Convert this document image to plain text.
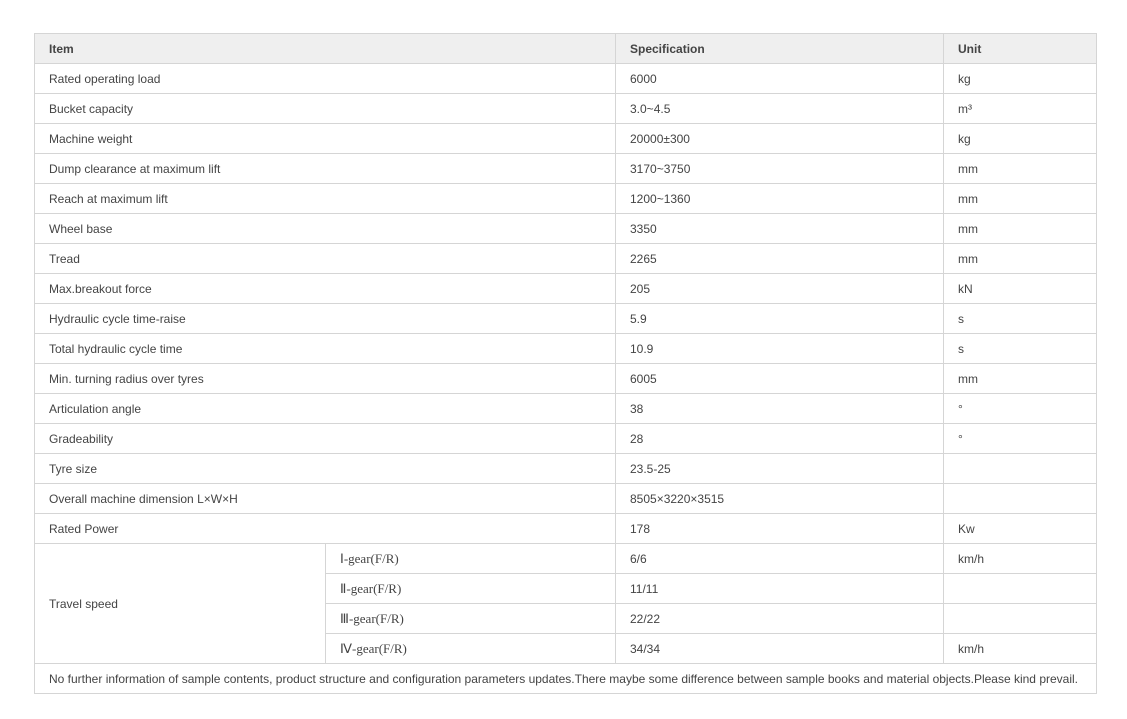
Item		Specification	Unit
Rated operating load		6000	kg
Bucket capacity		3.0~4.5	m³
Machine weight		20000±300	kg
Dump clearance at maximum lift		3170~3750	mm
Reach at maximum lift		1200~1360	mm
Wheel base		3350	mm
Tread		2265	mm
Max.breakout force		205	kN
Hydraulic cycle time-raise		5.9	s
Total hydraulic cycle time		10.9	s
Min. turning radius over tyres		6005	mm
Articulation angle		38	°
Gradeability		28	°
Tyre size		23.5-25	
Overall machine dimension L×W×H		8505×3220×3515	
Rated Power		178	Kw
Travel speed	Ⅰ-gear(F/R)	6/6	km/h
	Ⅱ-gear(F/R)	11/11	
	Ⅲ-gear(F/R)	22/22	
	Ⅳ-gear(F/R)	34/34	km/h
No further information of sample contents, product structure and configuration parameters updates.There maybe some difference between sample books and material objects.Please kind prevail.			
